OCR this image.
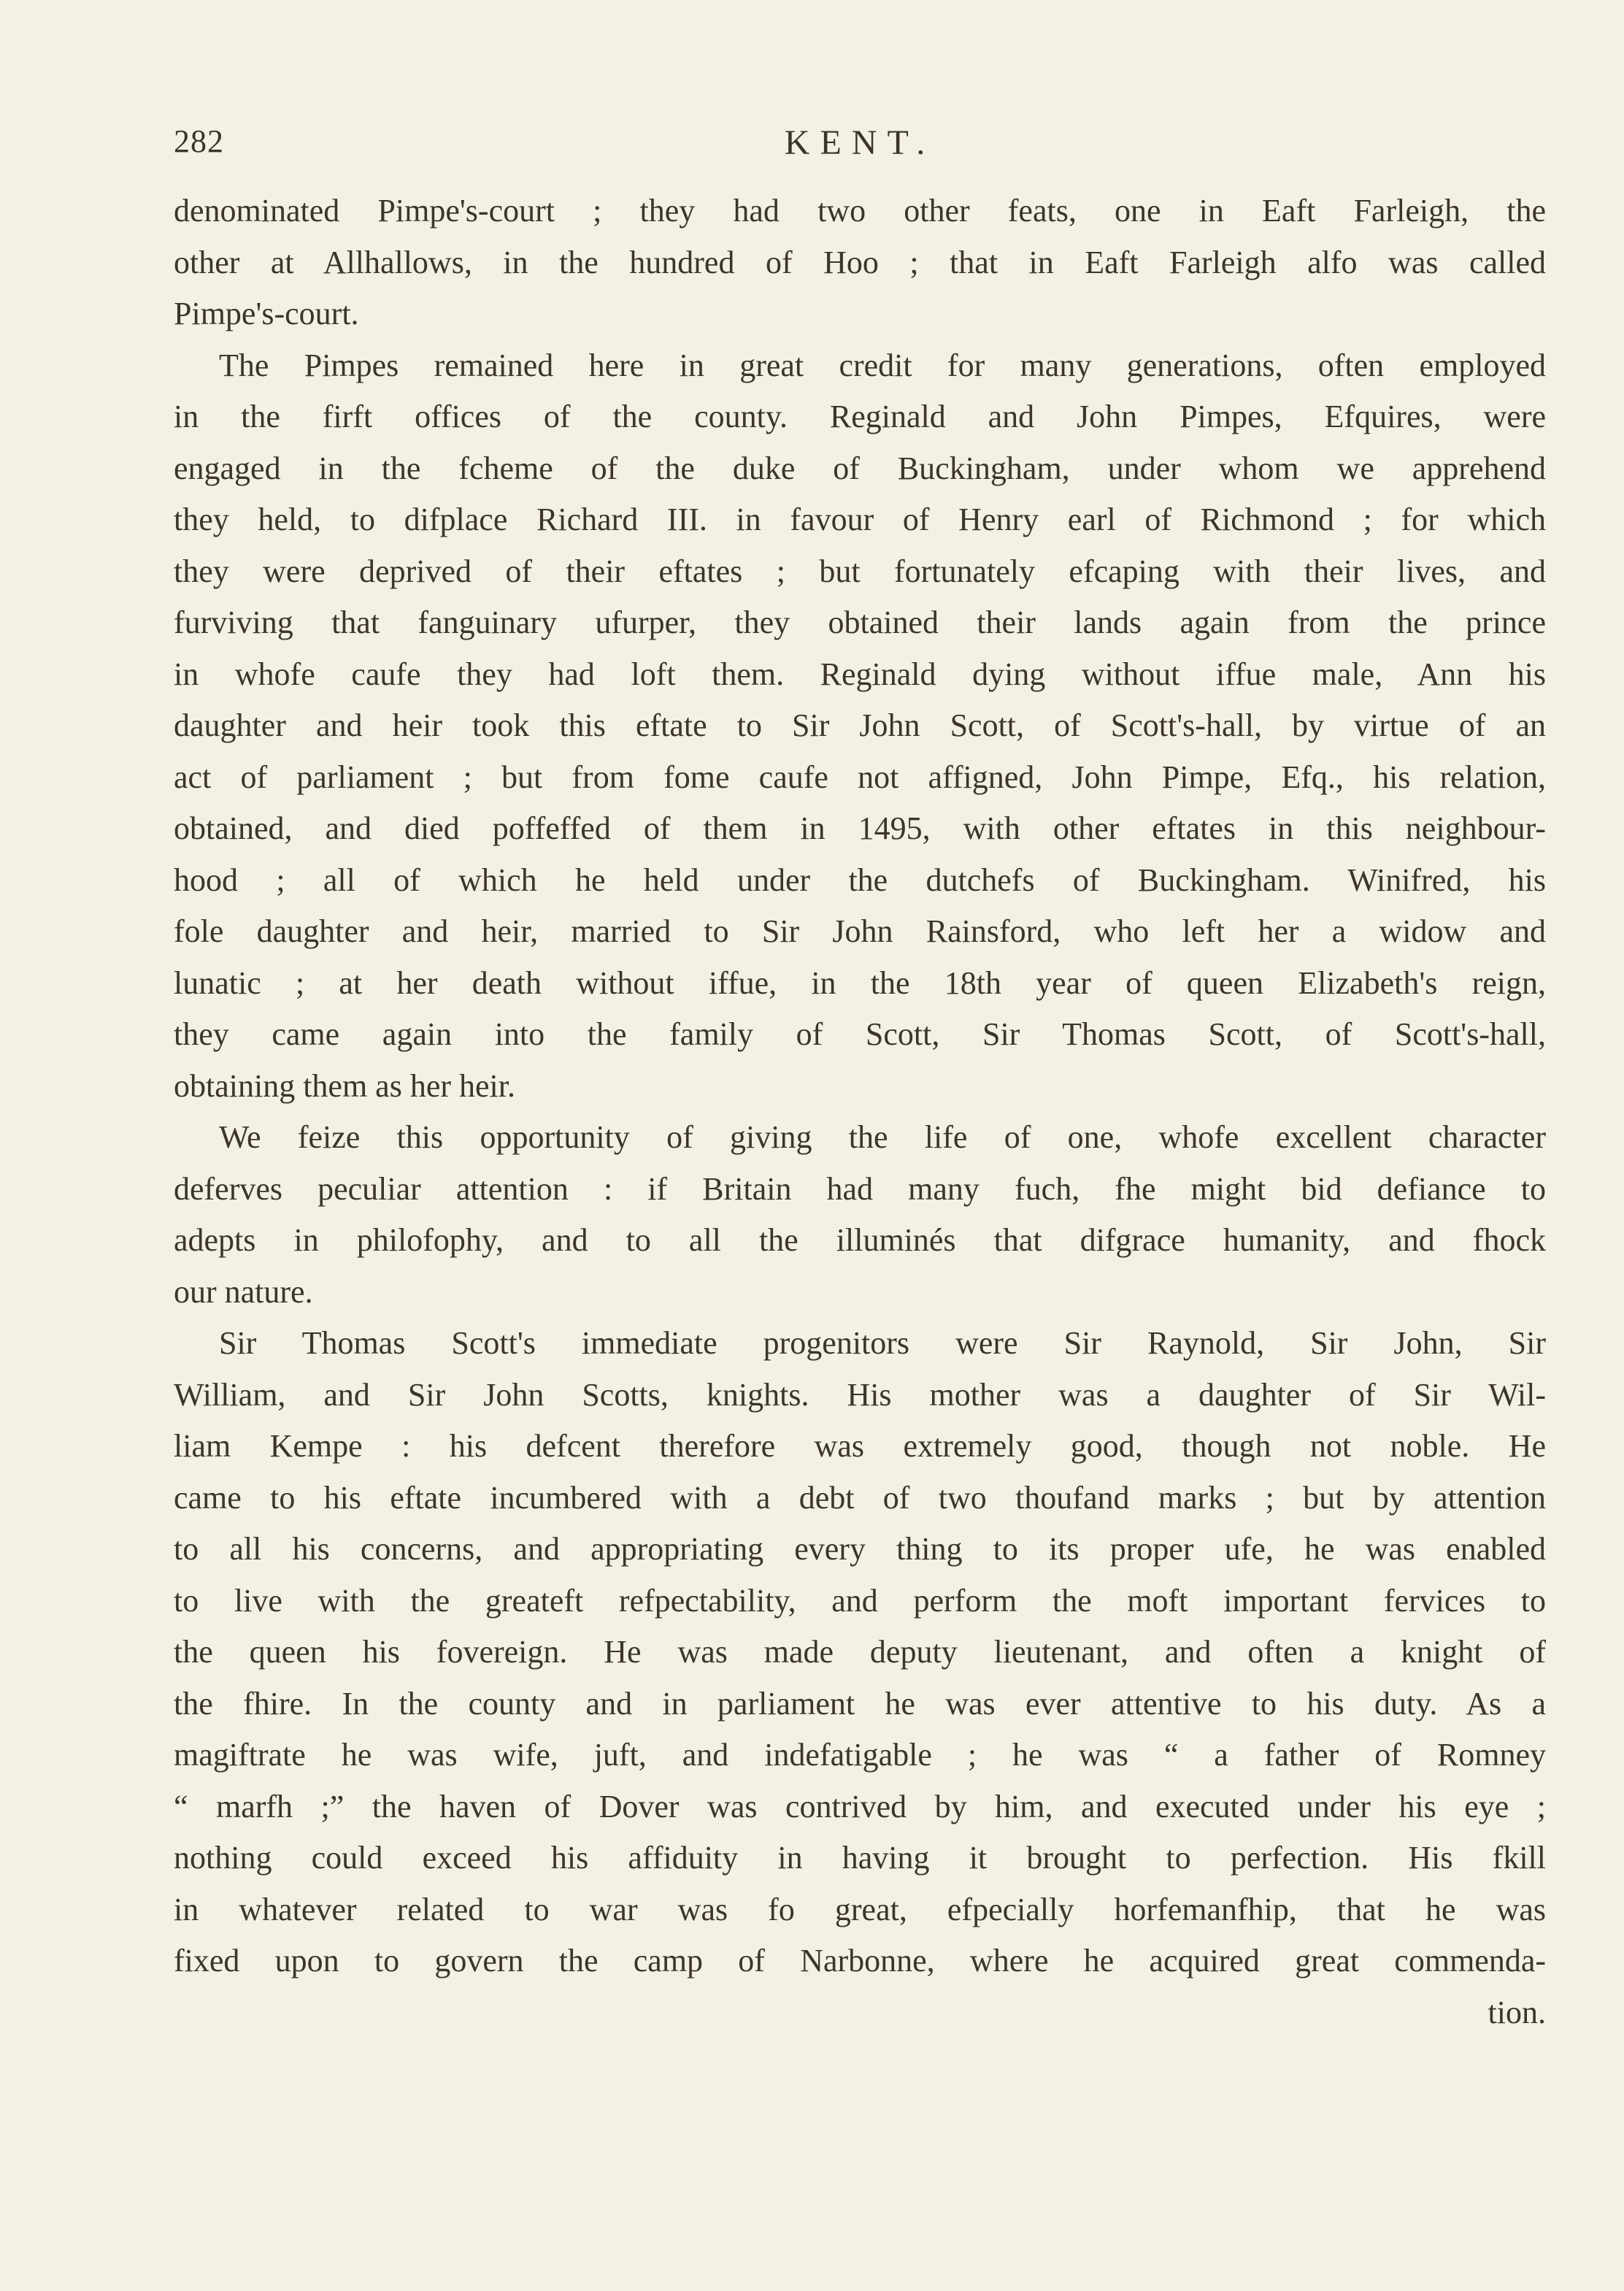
282	KENT.

denominated Pimpe's-court ; they had two other feats, one in Eaft Farleigh, the
other at Allhallows, in the hundred of Hoo ; that in Eaft Farleigh alfo was called
Pimpe's-court.

The Pimpes remained here in great credit for many generations, often employed
in the firft offices of the county. Reginald and John Pimpes, Efquires, were
engaged in the fcheme of the duke of Buckingham, under whom we apprehend
they held, to difplace Richard III. in favour of Henry earl of Richmond ; for which
they were deprived of their eftates ; but fortunately efcaping with their lives, and
furviving that fanguinary ufurper, they obtained their lands again from the prince
in whofe caufe they had loft them. Reginald dying without iffue male, Ann his
daughter and heir took this eftate to Sir John Scott, of Scott's-hall, by virtue of an
act of parliament ; but from fome caufe not affigned, John Pimpe, Efq., his relation,
obtained, and died poffeffed of them in 1495, with other eftates in this neighbour-
hood ; all of which he held under the dutchefs of Buckingham. Winifred, his
fole daughter and heir, married to Sir John Rainsford, who left her a widow and
lunatic ; at her death without iffue, in the 18th year of queen Elizabeth's reign,
they came again into the family of Scott, Sir Thomas Scott, of Scott's-hall,
obtaining them as her heir.

We feize this opportunity of giving the life of one, whofe excellent character
deferves peculiar attention : if Britain had many fuch, fhe might bid defiance to
adepts in philofophy, and to all the illuminés that difgrace humanity, and fhock
our nature.

Sir Thomas Scott's immediate progenitors were Sir Raynold, Sir John, Sir
William, and Sir John Scotts, knights. His mother was a daughter of Sir Wil-
liam Kempe : his defcent therefore was extremely good, though not noble. He
came to his eftate incumbered with a debt of two thoufand marks ; but by attention
to all his concerns, and appropriating every thing to its proper ufe, he was enabled
to live with the greateft refpectability, and perform the moft important fervices to
the queen his fovereign. He was made deputy lieutenant, and often a knight of
the fhire. In the county and in parliament he was ever attentive to his duty. As a
magiftrate he was wife, juft, and indefatigable ; he was “ a father of Romney
“ marfh ;” the haven of Dover was contrived by him, and executed under his eye ;
nothing could exceed his affiduity in having it brought to perfection. His fkill
in whatever related to war was fo great, efpecially horfemanfhip, that he was
fixed upon to govern the camp of Narbonne, where he acquired great commenda-
tion.
